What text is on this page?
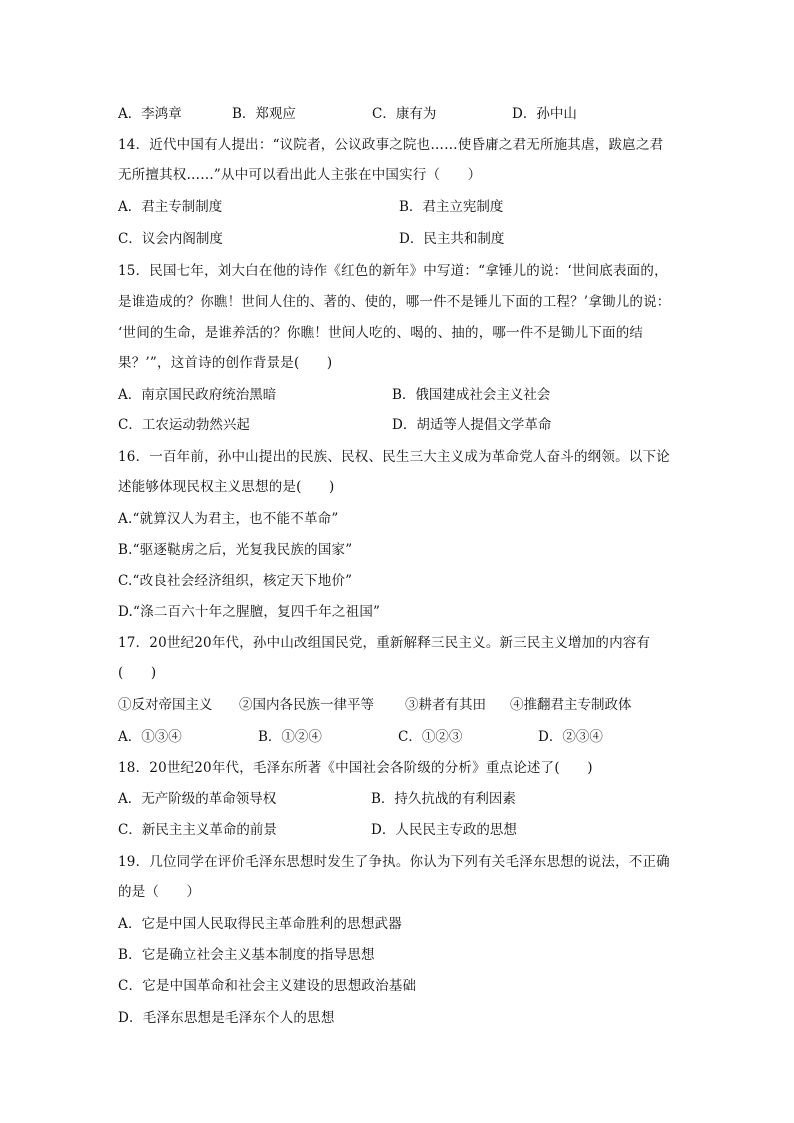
A．李鸿章	B．郑观应	C．康有为	D．孙中山
14．近代中国有人提出：“议院者，公议政事之院也……使昏庸之君无所施其虐，跋扈之君
无所擅其权……”从中可以看出此人主张在中国实行（　　）
A．君主专制制度	B．君主立宪制度
C．议会内阁制度	D．民主共和制度
15．民国七年，刘大白在他的诗作《红色的新年》中写道：“拿锤儿的说：‘世间底表面的，
是谁造成的？你瞧！世间人住的、著的、使的，哪一件不是锤儿下面的工程？’拿锄儿的说：
‘世间的生命，是谁养活的？你瞧！世间人吃的、喝的、抽的，哪一件不是锄儿下面的结
果？’”，这首诗的创作背景是(　　)
A．南京国民政府统治黑暗	B．俄国建成社会主义社会
C．工农运动勃然兴起	D．胡适等人提倡文学革命
16．一百年前，孙中山提出的民族、民权、民生三大主义成为革命党人奋斗的纲领。以下论
述能够体现民权主义思想的是(　　)
A.“就算汉人为君主，也不能不革命”
B.“驱逐鞑虏之后，光复我民族的国家”
C.“改良社会经济组织，核定天下地价”
D.“涤二百六十年之腥膻，复四千年之祖国”
17．20世纪20年代，孙中山改组国民党，重新解释三民主义。新三民主义增加的内容有
(　　)
①反对帝国主义 ②国内各民族一律平等 ③耕者有其田 ④推翻君主专制政体
A．①③④	B．①②④	C．①②③	D．②③④
18．20世纪20年代，毛泽东所著《中国社会各阶级的分析》重点论述了(　　)
A．无产阶级的革命领导权	B．持久抗战的有利因素
C．新民主主义革命的前景	D．人民民主专政的思想
19．几位同学在评价毛泽东思想时发生了争执。你认为下列有关毛泽东思想的说法，不正确
的是（　　）
A．它是中国人民取得民主革命胜利的思想武器
B．它是确立社会主义基本制度的指导思想
C．它是中国革命和社会主义建设的思想政治基础
D．毛泽东思想是毛泽东个人的思想
